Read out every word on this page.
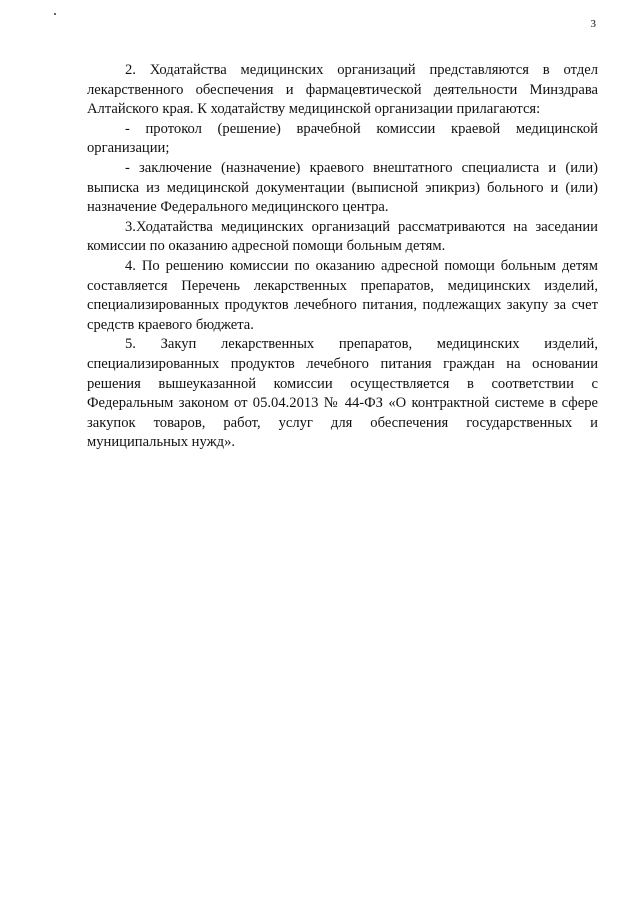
3

2. Ходатайства медицинских организаций представляются в отдел лекарственного обеспечения и фармацевтической деятельности Минздрава Алтайского края. К ходатайству медицинской организации прилагаются:

- протокол (решение) врачебной комиссии краевой медицинской организации;

- заключение (назначение) краевого внештатного специалиста и (или) выписка из медицинской документации (выписной эпикриз) больного и (или) назначение Федерального медицинского центра.

3.Ходатайства медицинских организаций рассматриваются на заседании комиссии по оказанию адресной помощи больным детям.

4. По решению комиссии по оказанию адресной помощи больным детям составляется Перечень лекарственных препаратов, медицинских изделий, специализированных продуктов лечебного питания, подлежащих закупу за счет средств краевого бюджета.

5. Закуп лекарственных препаратов, медицинских изделий, специализированных продуктов лечебного питания граждан на основании решения вышеуказанной комиссии осуществляется в соответствии с Федеральным законом от 05.04.2013 № 44-ФЗ «О контрактной системе в сфере закупок товаров, работ, услуг для обеспечения государственных и муниципальных нужд».
